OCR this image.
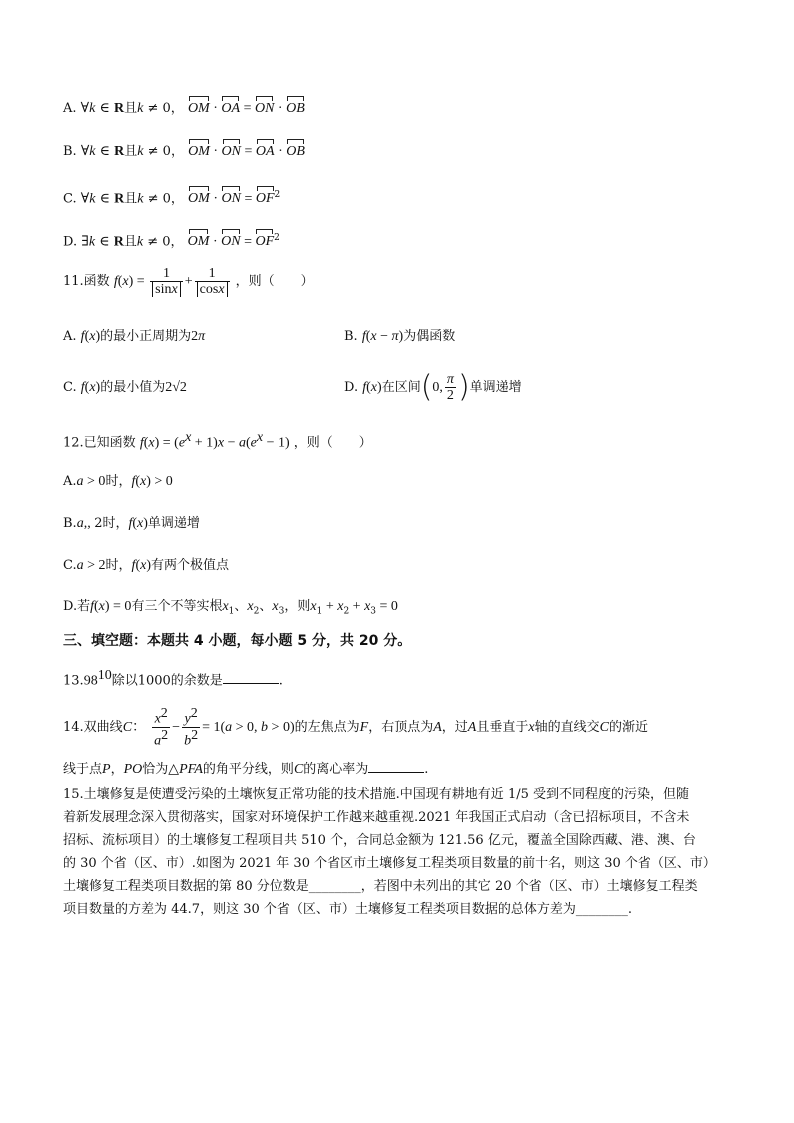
A. ∀k ∈ R且k ≠ 0， OM · OA = ON · OB
B. ∀k ∈ R且k ≠ 0， OM · ON = OA · OB
C. ∀k ∈ R且k ≠ 0， OM · ON = $OF^2$
D. ∃k ∈ R且k ≠ 0， OM · ON = $OF^2$
11.函数 $f(x) = \frac{1}{\sin x} + \frac{1}{\cos x}$ ，则（　　）
A. f(x)的最小正周期为2π	B. f(x − π)为偶函数
C. f(x)的最小值为2√2	D. f(x)在区间(0, $\frac{\pi}{2}$ )单调递增
12.已知函数 $f(x) = (e^x + 1)x - a(e^x - 1)$ ，则（　　）
A.a > 0时，f(x) > 0
B.a,, 2时，f(x)单调递增
C.a > 2时，f(x)有两个极值点
D.若f(x) = 0有三个不等实根$x_1$、$x_2$、$x_3$，则$x_1 + x_2 + x_3 = 0$
三、填空题：本题共 4 小题，每小题 5 分，共 20 分。
13.98$^{10}$除以1000的余数是	.
14.双曲线C： $\frac{x^2}{a^2} - \frac{y^2}{b^2} = 1(a > 0$, b > 0)的左焦点为F，右顶点为A，过A且垂直于x轴的直线交C的渐近
线于点P，PO恰为△PFA的角平分线，则C的离心率为	.
15.土壤修复是使遭受污染的土壤恢复正常功能的技术措施.中国现有耕地有近 1/5 受到不同程度的污染，但随
着新发展理念深入贯彻落实，国家对环境保护工作越来越重视.2021 年我国正式启动（含已招标项目，不含未
招标、流标项目）的土壤修复工程项目共 510 个，合同总金额为 121.56 亿元，覆盖全国除西藏、港、澳、台
的 30 个省（区、市）.如图为 2021 年 30 个省区市土壤修复工程类项目数量的前十名，则这 30 个省（区、市）
土壤修复工程类项目数据的第 80 分位数是________，若图中未列出的其它 20 个省（区、市）土壤修复工程类
项目数量的方差为 44.7，则这 30 个省（区、市）土壤修复工程类项目数据的总体方差为________.
